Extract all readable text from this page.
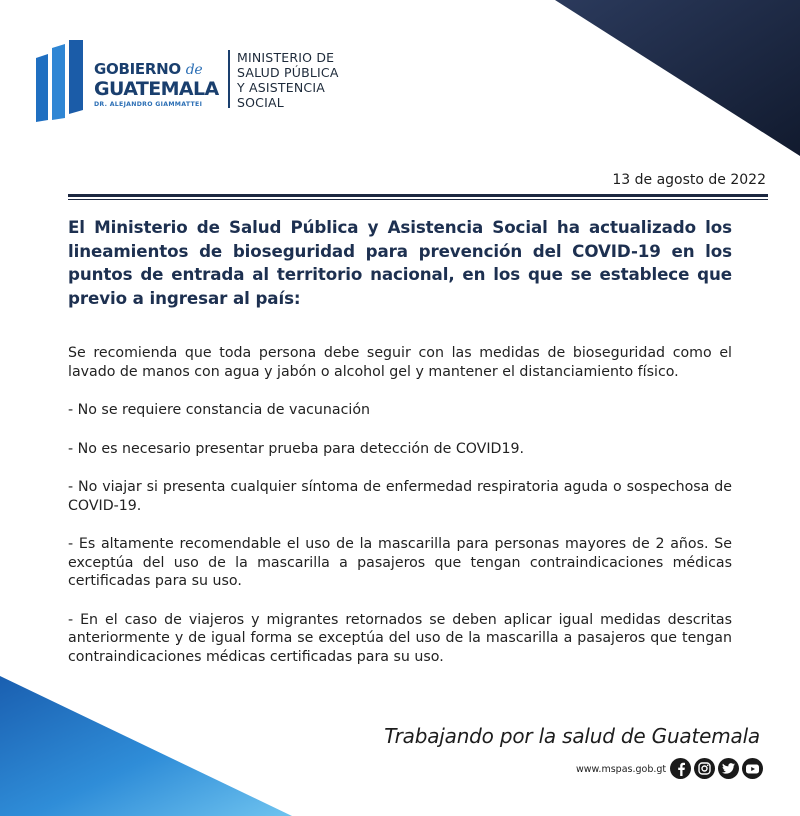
GOBIERNO de
GUATEMALA
DR. ALEJANDRO GIAMMATTEI
MINISTERIO DE
SALUD PÚBLICA
Y ASISTENCIA
SOCIAL
13 de agosto de 2022
El Ministerio de Salud Pública y Asistencia Social ha actualizado los lineamientos de bioseguridad para prevención del COVID-19 en los puntos de entrada al territorio nacional, en los que se establece que previo a ingresar al país:

Se recomienda que toda persona debe seguir con las medidas de bioseguridad como el lavado de manos con agua y jabón o alcohol gel y mantener el distanciamiento físico.

- No se requiere constancia de vacunación

- No es necesario presentar prueba para detección de COVID19.

- No viajar si presenta cualquier síntoma de enfermedad respiratoria aguda o sospechosa de COVID-19.

- Es altamente recomendable el uso de la mascarilla para personas mayores de 2 años. Se exceptúa del uso de la mascarilla a pasajeros que tengan contraindicaciones médicas certificadas para su uso.

- En el caso de viajeros y migrantes retornados se deben aplicar igual medidas descritas anteriormente y de igual forma se exceptúa del uso de la mascarilla a pasajeros que tengan contraindicaciones médicas certificadas para su uso.

Trabajando por la salud de Guatemala
www.mspas.gob.gt
